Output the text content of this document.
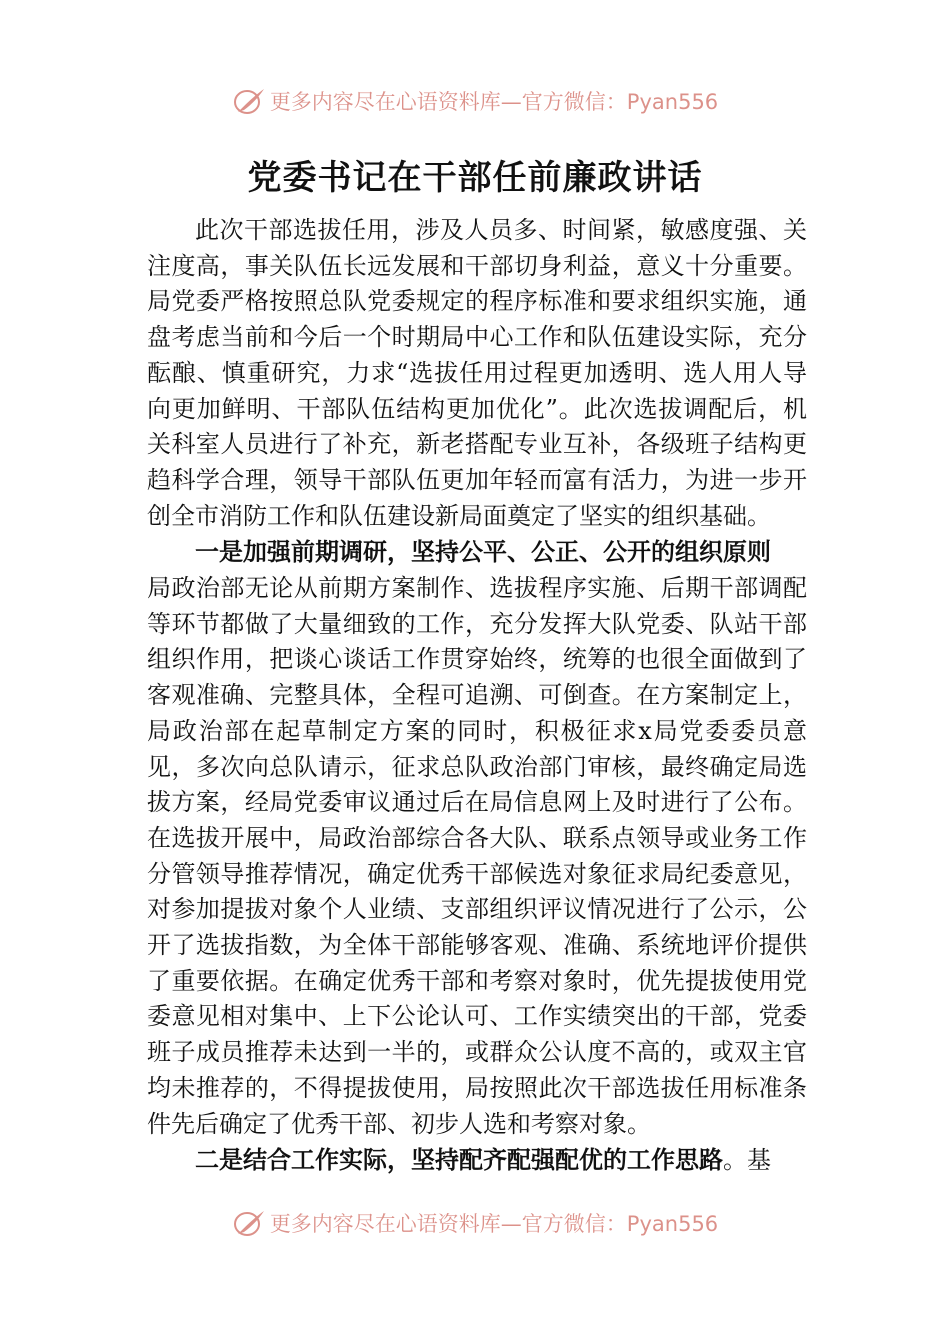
更多内容尽在心语资料库—官方微信：Pyan556
党委书记在干部任前廉政讲话

此次干部选拔任用，涉及人员多、时间紧，敏感度强、关注度高，事关队伍长远发展和干部切身利益，意义十分重要。局党委严格按照总队党委规定的程序标准和要求组织实施，通盘考虑当前和今后一个时期局中心工作和队伍建设实际，充分酝酿、慎重研究，力求“选拔任用过程更加透明、选人用人导向更加鲜明、干部队伍结构更加优化”。此次选拔调配后，机关科室人员进行了补充，新老搭配专业互补，各级班子结构更趋科学合理，领导干部队伍更加年轻而富有活力，为进一步开创全市消防工作和队伍建设新局面奠定了坚实的组织基础。

一是加强前期调研，坚持公平、公正、公开的组织原则

局政治部无论从前期方案制作、选拔程序实施、后期干部调配等环节都做了大量细致的工作，充分发挥大队党委、队站干部组织作用，把谈心谈话工作贯穿始终，统筹的也很全面做到了客观准确、完整具体，全程可追溯、可倒查。在方案制定上，局政治部在起草制定方案的同时，积极征求x局党委委员意见，多次向总队请示，征求总队政治部门审核，最终确定局选拔方案，经局党委审议通过后在局信息网上及时进行了公布。在选拔开展中，局政治部综合各大队、联系点领导或业务工作分管领导推荐情况，确定优秀干部候选对象征求局纪委意见，对参加提拔对象个人业绩、支部组织评议情况进行了公示，公开了选拔指数，为全体干部能够客观、准确、系统地评价提供了重要依据。在确定优秀干部和考察对象时，优先提拔使用党委意见相对集中、上下公论认可、工作实绩突出的干部，党委班子成员推荐未达到一半的，或群众公认度不高的，或双主官均未推荐的，不得提拔使用，局按照此次干部选拔任用标准条件先后确定了优秀干部、初步人选和考察对象。

二是结合工作实际，坚持配齐配强配优的工作思路。基

更多内容尽在心语资料库—官方微信：Pyan556
